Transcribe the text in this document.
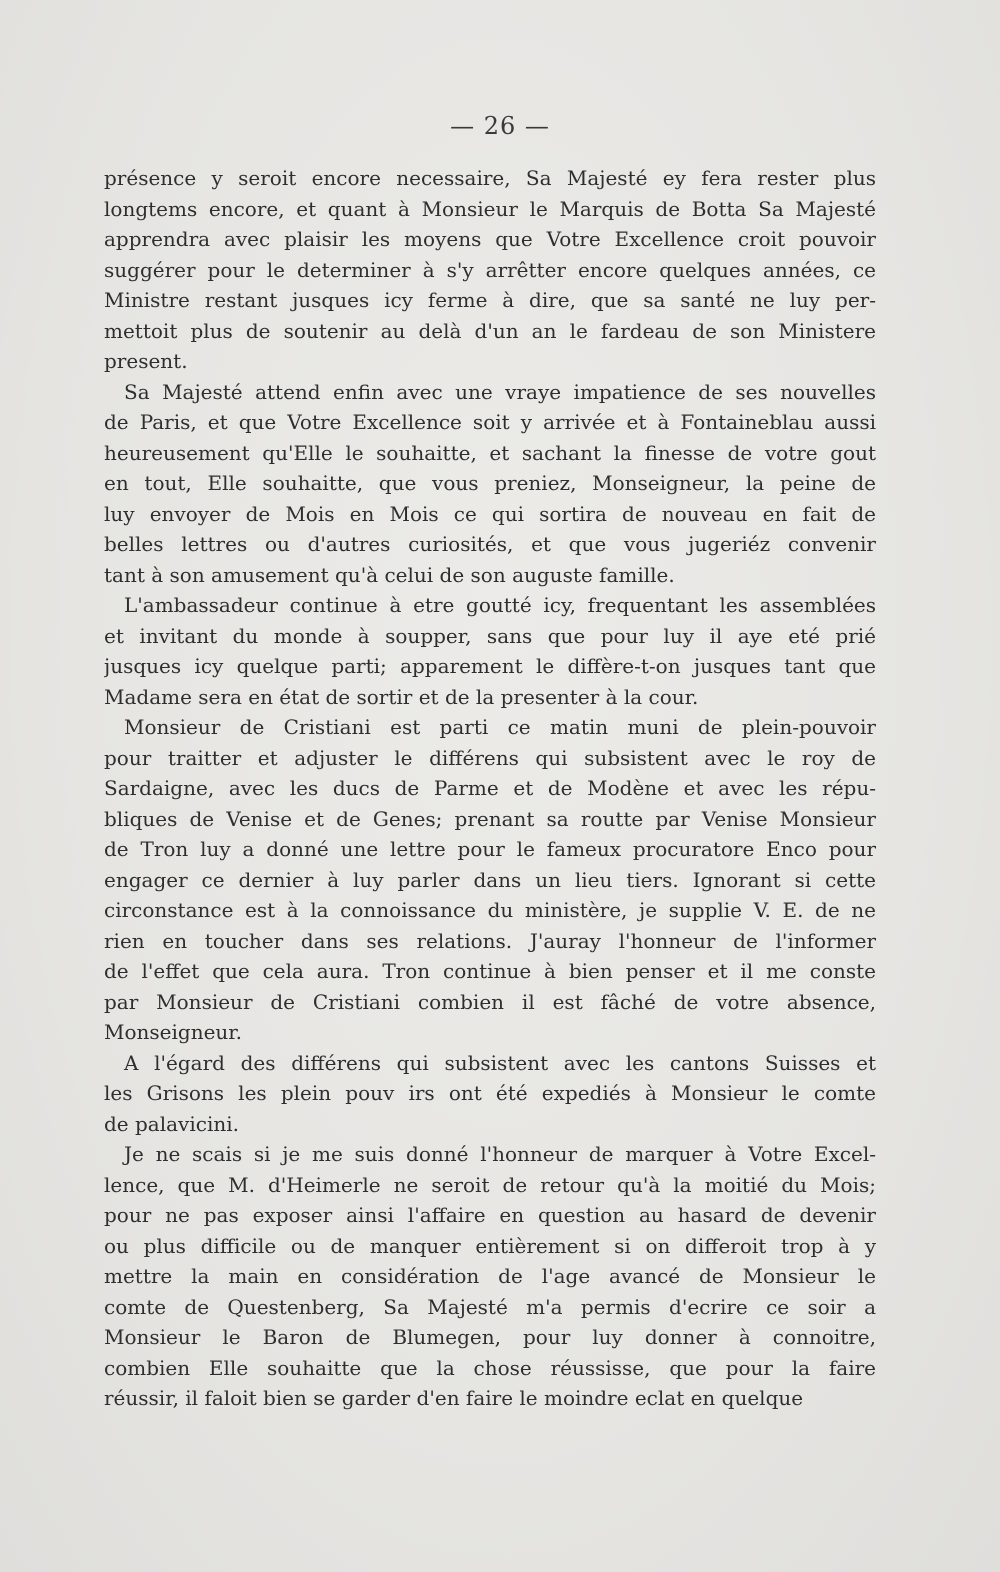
— 26 —
présence y seroit encore necessaire, Sa Majesté ey fera rester plus
longtems encore, et quant à Monsieur le Marquis de Botta Sa Majesté
apprendra avec plaisir les moyens que Votre Excellence croit pouvoir
suggérer pour le determiner à s'y arrêtter encore quelques années, ce
Ministre restant jusques icy ferme à dire, que sa santé ne luy per-
mettoit plus de soutenir au delà d'un an le fardeau de son Ministere
present.
Sa Majesté attend enfin avec une vraye impatience de ses nouvelles
de Paris, et que Votre Excellence soit y arrivée et à Fontaineblau aussi
heureusement qu'Elle le souhaitte, et sachant la finesse de votre gout
en tout, Elle souhaitte, que vous preniez, Monseigneur, la peine de
luy envoyer de Mois en Mois ce qui sortira de nouveau en fait de
belles lettres ou d'autres curiosités, et que vous jugeriéz convenir
tant à son amusement qu'à celui de son auguste famille.
L'ambassadeur continue à etre goutté icy, frequentant les assemblées
et invitant du monde à soupper, sans que pour luy il aye eté prié
jusques icy quelque parti; apparement le diffère-t-on jusques tant que
Madame sera en état de sortir et de la presenter à la cour.
Monsieur de Cristiani est parti ce matin muni de plein-pouvoir
pour traitter et adjuster le différens qui subsistent avec le roy de
Sardaigne, avec les ducs de Parme et de Modène et avec les répu-
bliques de Venise et de Genes; prenant sa routte par Venise Monsieur
de Tron luy a donné une lettre pour le fameux procuratore Enco pour
engager ce dernier à luy parler dans un lieu tiers. Ignorant si cette
circonstance est à la connoissance du ministère, je supplie V. E. de ne
rien en toucher dans ses relations. J'auray l'honneur de l'informer
de l'effet que cela aura. Tron continue à bien penser et il me conste
par Monsieur de Cristiani combien il est fâché de votre absence,
Monseigneur.
A l'égard des différens qui subsistent avec les cantons Suisses et
les Grisons les plein pouv irs ont été expediés à Monsieur le comte
de palavicini.
Je ne scais si je me suis donné l'honneur de marquer à Votre Excel-
lence, que M. d'Heimerle ne seroit de retour qu'à la moitié du Mois;
pour ne pas exposer ainsi l'affaire en question au hasard de devenir
ou plus difficile ou de manquer entièrement si on differoit trop à y
mettre la main en considération de l'age avancé de Monsieur le
comte de Questenberg, Sa Majesté m'a permis d'ecrire ce soir a
Monsieur le Baron de Blumegen, pour luy donner à connoitre,
combien Elle souhaitte que la chose réussisse, que pour la faire
réussir, il faloit bien se garder d'en faire le moindre eclat en quelque
